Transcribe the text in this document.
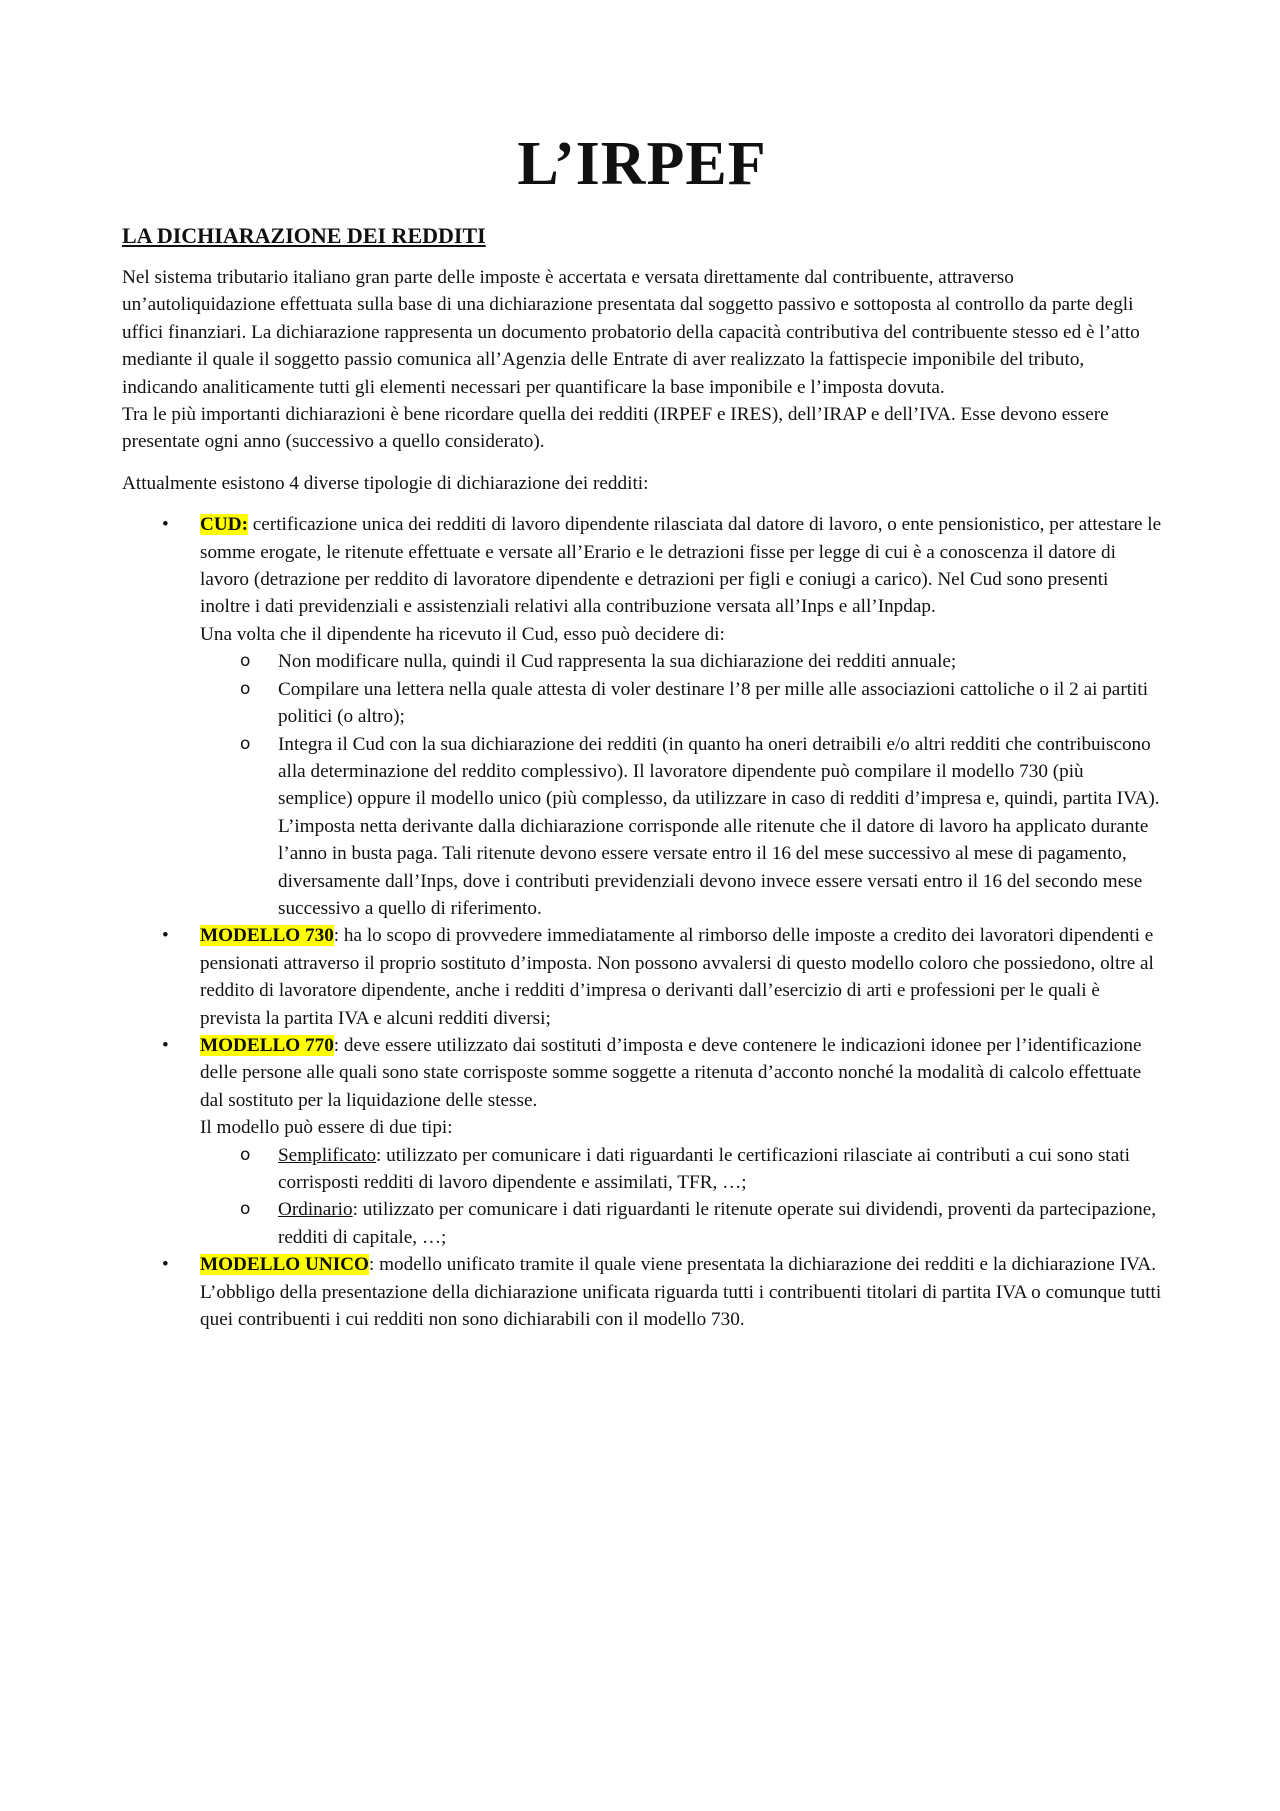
L’IRPEF
LA DICHIARAZIONE DEI REDDITI

Nel sistema tributario italiano gran parte delle imposte è accertata e versata direttamente dal contribuente, attraverso un’autoliquidazione effettuata sulla base di una dichiarazione presentata dal soggetto passivo e sottoposta al controllo da parte degli uffici finanziari. La dichiarazione rappresenta un documento probatorio della capacità contributiva del contribuente stesso ed è l’atto mediante il quale il soggetto passio comunica all’Agenzia delle Entrate di aver realizzato la fattispecie imponibile del tributo, indicando analiticamente tutti gli elementi necessari per quantificare la base imponibile e l’imposta dovuta.

Tra le più importanti dichiarazioni è bene ricordare quella dei redditi (IRPEF e IRES), dell’IRAP e dell’IVA. Esse devono essere presentate ogni anno (successivo a quello considerato).

Attualmente esistono 4 diverse tipologie di dichiarazione dei redditi:

• CUD: certificazione unica dei redditi di lavoro dipendente rilasciata dal datore di lavoro, o ente pensionistico, per attestare le somme erogate, le ritenute effettuate e versate all’Erario e le detrazioni fisse per legge di cui è a conoscenza il datore di lavoro (detrazione per reddito di lavoratore dipendente e detrazioni per figli e coniugi a carico). Nel Cud sono presenti inoltre i dati previdenziali e assistenziali relativi alla contribuzione versata all’Inps e all’Inpdap.
Una volta che il dipendente ha ricevuto il Cud, esso può decidere di:
o Non modificare nulla, quindi il Cud rappresenta la sua dichiarazione dei redditi annuale;
o Compilare una lettera nella quale attesta di voler destinare l’8 per mille alle associazioni cattoliche o il 2 ai partiti politici (o altro);
o Integra il Cud con la sua dichiarazione dei redditi (in quanto ha oneri detraibili e/o altri redditi che contribuiscono alla determinazione del reddito complessivo). Il lavoratore dipendente può compilare il modello 730 (più semplice) oppure il modello unico (più complesso, da utilizzare in caso di redditi d’impresa e, quindi, partita IVA). L’imposta netta derivante dalla dichiarazione corrisponde alle ritenute che il datore di lavoro ha applicato durante l’anno in busta paga. Tali ritenute devono essere versate entro il 16 del mese successivo al mese di pagamento, diversamente dall’Inps, dove i contributi previdenziali devono invece essere versati entro il 16 del secondo mese successivo a quello di riferimento.
• MODELLO 730: ha lo scopo di provvedere immediatamente al rimborso delle imposte a credito dei lavoratori dipendenti e pensionati attraverso il proprio sostituto d’imposta. Non possono avvalersi di questo modello coloro che possiedono, oltre al reddito di lavoratore dipendente, anche i redditi d’impresa o derivanti dall’esercizio di arti e professioni per le quali è prevista la partita IVA e alcuni redditi diversi;
• MODELLO 770: deve essere utilizzato dai sostituti d’imposta e deve contenere le indicazioni idonee per l’identificazione delle persone alle quali sono state corrisposte somme soggette a ritenuta d’acconto nonché la modalità di calcolo effettuate dal sostituto per la liquidazione delle stesse.
Il modello può essere di due tipi:
o Semplificato: utilizzato per comunicare i dati riguardanti le certificazioni rilasciate ai contributi a cui sono stati corrisposti redditi di lavoro dipendente e assimilati, TFR, …;
o Ordinario: utilizzato per comunicare i dati riguardanti le ritenute operate sui dividendi, proventi da partecipazione, redditi di capitale, …;
• MODELLO UNICO: modello unificato tramite il quale viene presentata la dichiarazione dei redditi e la dichiarazione IVA. L’obbligo della presentazione della dichiarazione unificata riguarda tutti i contribuenti titolari di partita IVA o comunque tutti quei contribuenti i cui redditi non sono dichiarabili con il modello 730.
